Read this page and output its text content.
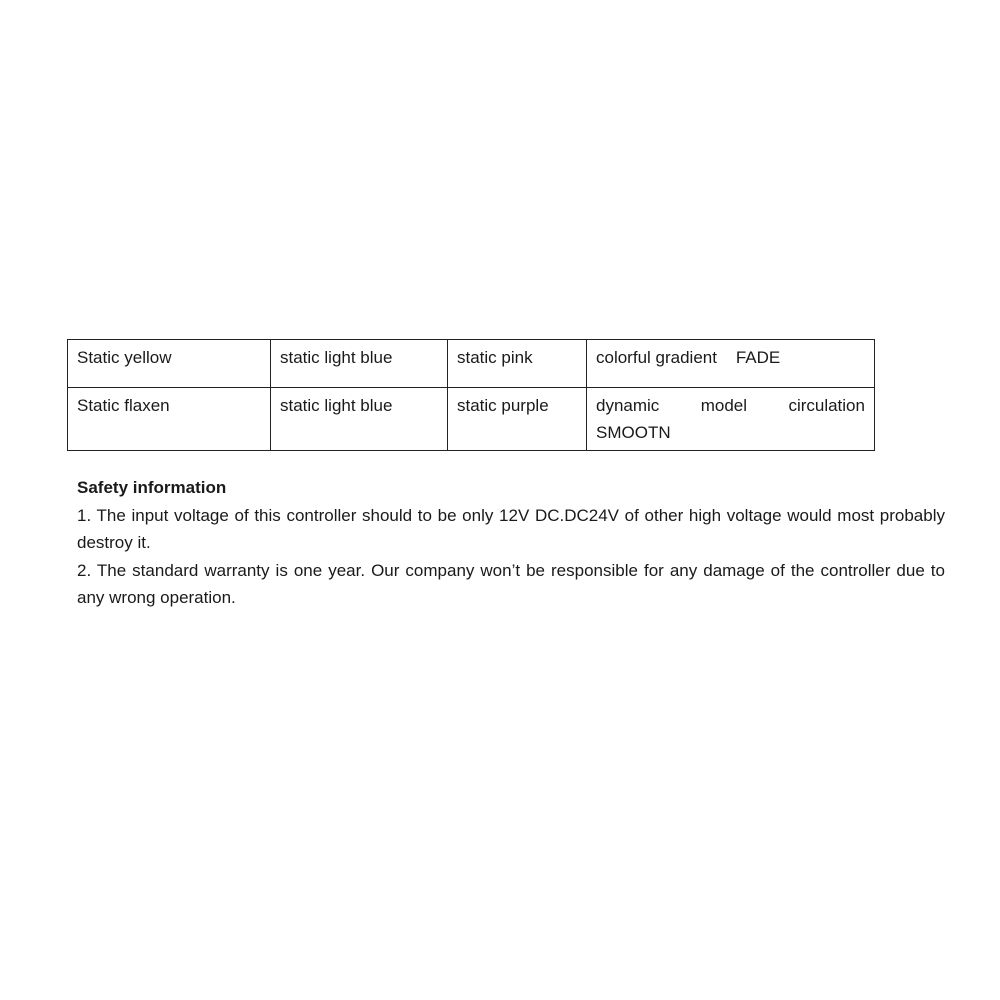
Static yellow	static light blue	static pink	colorful gradient    FADE
Static flaxen	static light blue	static purple	dynamic model circulation
SMOOTN

Safety information

1. The input voltage of this controller should to be only 12V DC.DC24V of other high voltage would most probably destroy it.

2. The standard warranty is one year. Our company won’t be responsible for any damage of the controller due to any wrong operation.
